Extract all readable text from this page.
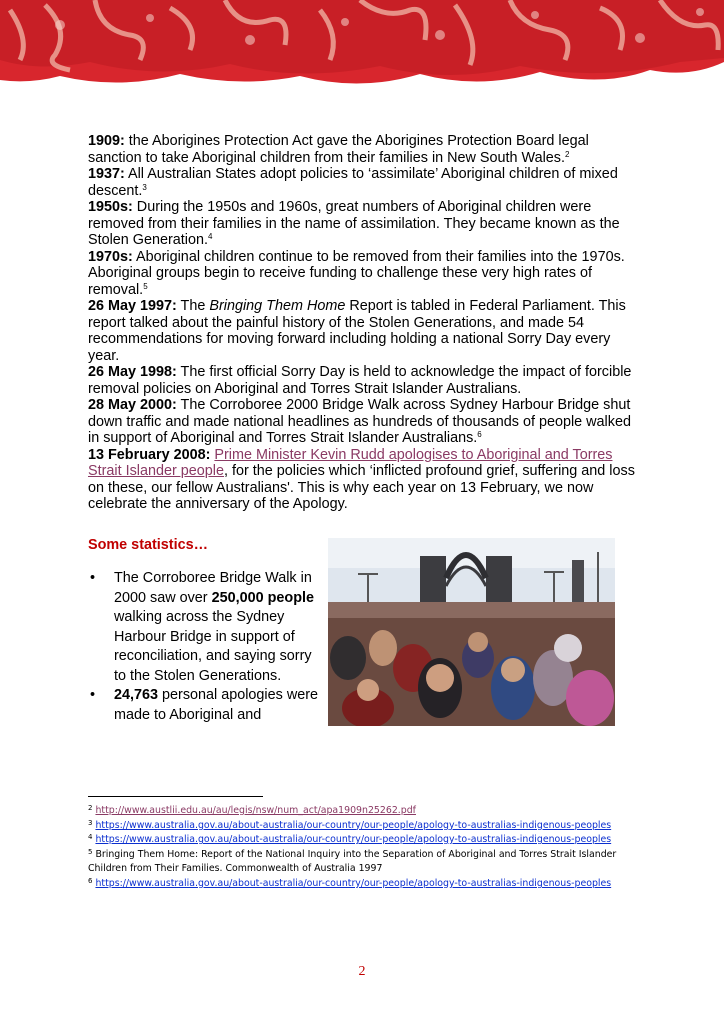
1909: the Aborigines Protection Act gave the Aborigines Protection Board legal sanction to take Aboriginal children from their families in New South Wales.$^2$

1937: All Australian States adopt policies to ‘assimilate’ Aboriginal children of mixed descent.$^3$

1950s: During the 1950s and 1960s, great numbers of Aboriginal children were removed from their families in the name of assimilation. They became known as the Stolen Generation.$^4$

1970s: Aboriginal children continue to be removed from their families into the 1970s. Aboriginal groups begin to receive funding to challenge these very high rates of removal.$^5$

26 May 1997: The Bringing Them Home Report is tabled in Federal Parliament. This report talked about the painful history of the Stolen Generations, and made 54 recommendations for moving forward including holding a national Sorry Day every year.

26 May 1998: The first official Sorry Day is held to acknowledge the impact of forcible removal policies on Aboriginal and Torres Strait Islander Australians.

28 May 2000: The Corroboree 2000 Bridge Walk across Sydney Harbour Bridge shut down traffic and made national headlines as hundreds of thousands of people walked in support of Aboriginal and Torres Strait Islander Australians.$^6$

13 February 2008: Prime Minister Kevin Rudd apologises to Aboriginal and Torres Strait Islander people, for the policies which ‘inflicted profound grief, suffering and loss on these, our fellow Australians'. This is why each year on 13 February, we now celebrate the anniversary of the Apology.

Some statistics…
• The Corroboree Bridge Walk in 2000 saw over 250,000 people walking across the Sydney Harbour Bridge in support of reconciliation, and saying sorry to the Stolen Generations.
• 24,763 personal apologies were made to Aboriginal and

$^2$ http://www.austlii.edu.au/au/legis/nsw/num_act/apa1909n25262.pdf

$^3$ https://www.australia.gov.au/about-australia/our-country/our-people/apology-to-australias-indigenous-peoples

$^4$ https://www.australia.gov.au/about-australia/our-country/our-people/apology-to-australias-indigenous-peoples

$^5$ Bringing Them Home: Report of the National Inquiry into the Separation of Aboriginal and Torres Strait Islander Children from Their Families. Commonwealth of Australia 1997

$^6$ https://www.australia.gov.au/about-australia/our-country/our-people/apology-to-australias-indigenous-peoples

2
